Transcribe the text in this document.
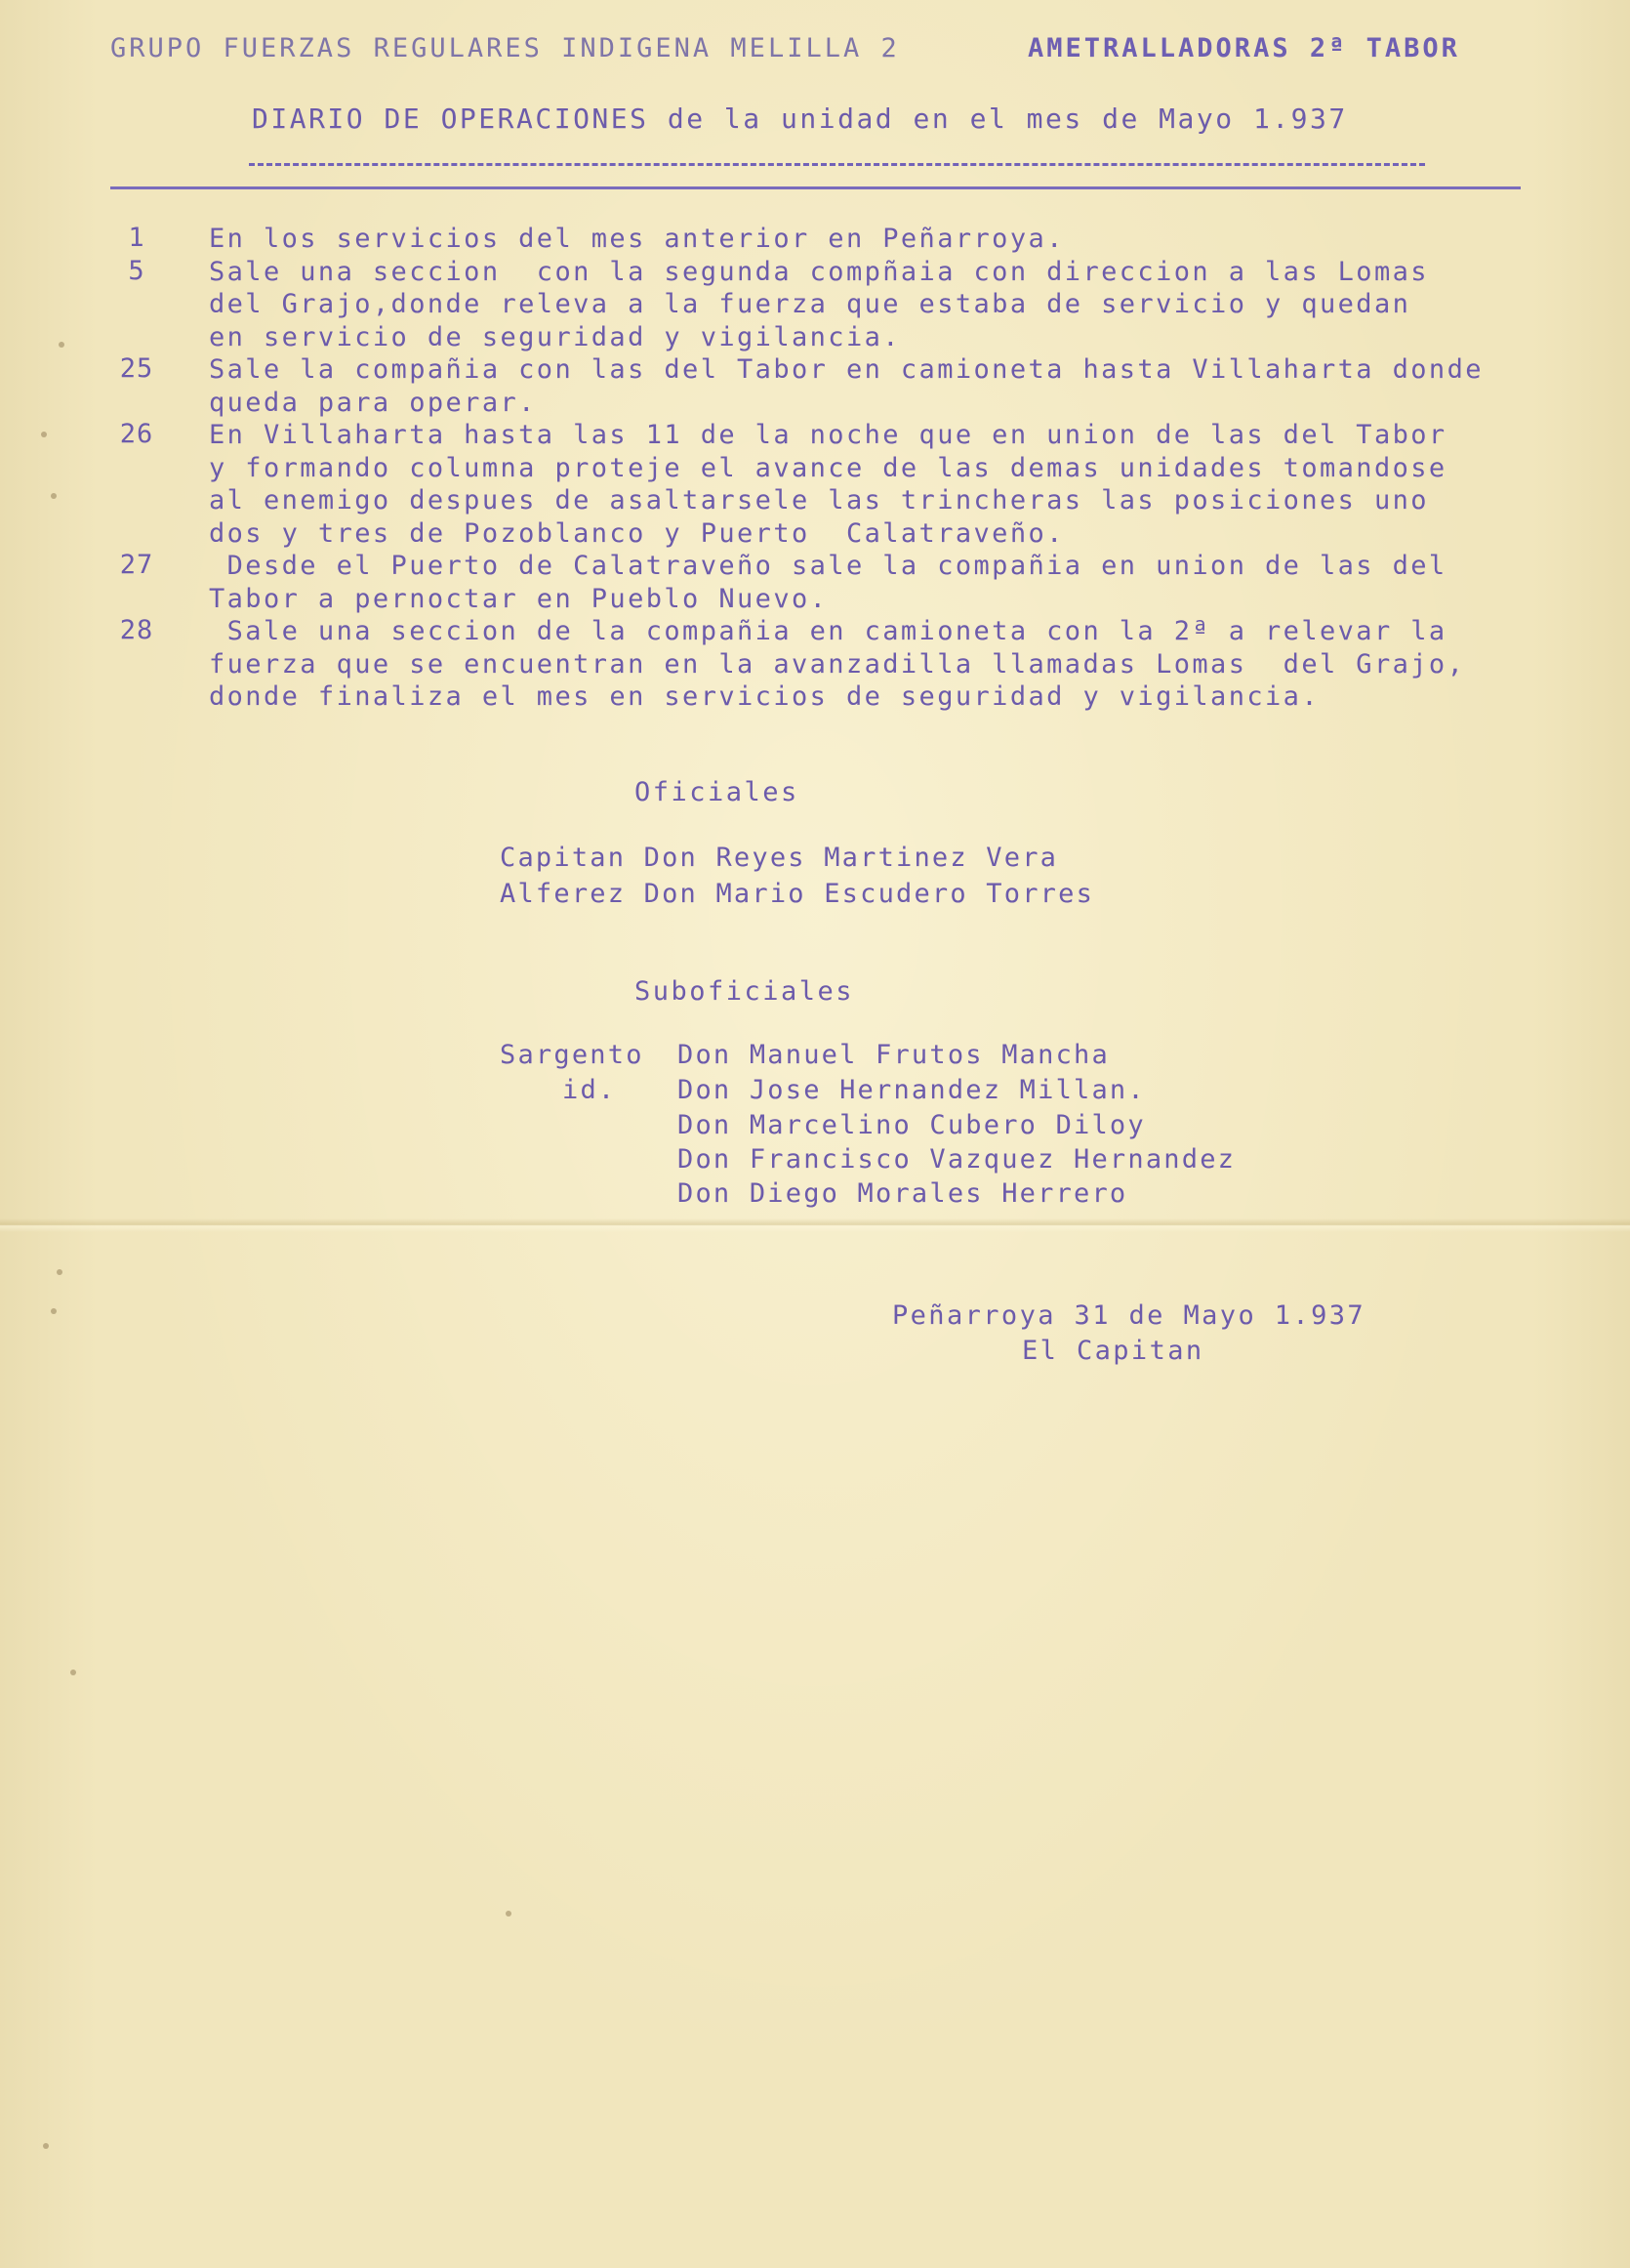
GRUPO FUERZAS REGULARES INDIGENA MELILLA 2

	AMETRALLADORAS 2ª TABOR

DIARIO DE OPERACIONES de la unidad en el mes de Mayo 1.937
1	En los servicios del mes anterior en Peñarroya.
5	Sale una seccion  con la segunda compñaia con direccion a las Lomas
del Grajo,donde releva a la fuerza que estaba de servicio y quedan
en servicio de seguridad y vigilancia.
25	Sale la compañia con las del Tabor en camioneta hasta Villaharta donde
queda para operar.
26	En Villaharta hasta las 11 de la noche que en union de las del Tabor
y formando columna proteje el avance de las demas unidades tomandose
al enemigo despues de asaltarsele las trincheras las posiciones uno
dos y tres de Pozoblanco y Puerto  Calatraveño.
27	Desde el Puerto de Calatraveño sale la compañia en union de las del
Tabor a pernoctar en Pueblo Nuevo.
28	Sale una seccion de la compañia en camioneta con la 2ª a relevar la
fuerza que se encuentran en la avanzadilla llamadas Lomas  del Grajo,
donde finaliza el mes en servicios de seguridad y vigilancia.
Oficiales
Capitan Don Reyes Martinez Vera
Alferez Don Mario Escudero Torres
Suboficiales
Sargento Don Manuel Frutos Mancha
id. Don Jose Hernandez Millan.
Don Marcelino Cubero Diloy
Don Francisco Vazquez Hernandez
Don Diego Morales Herrero
Peñarroya 31 de Mayo 1.937
El Capitan
